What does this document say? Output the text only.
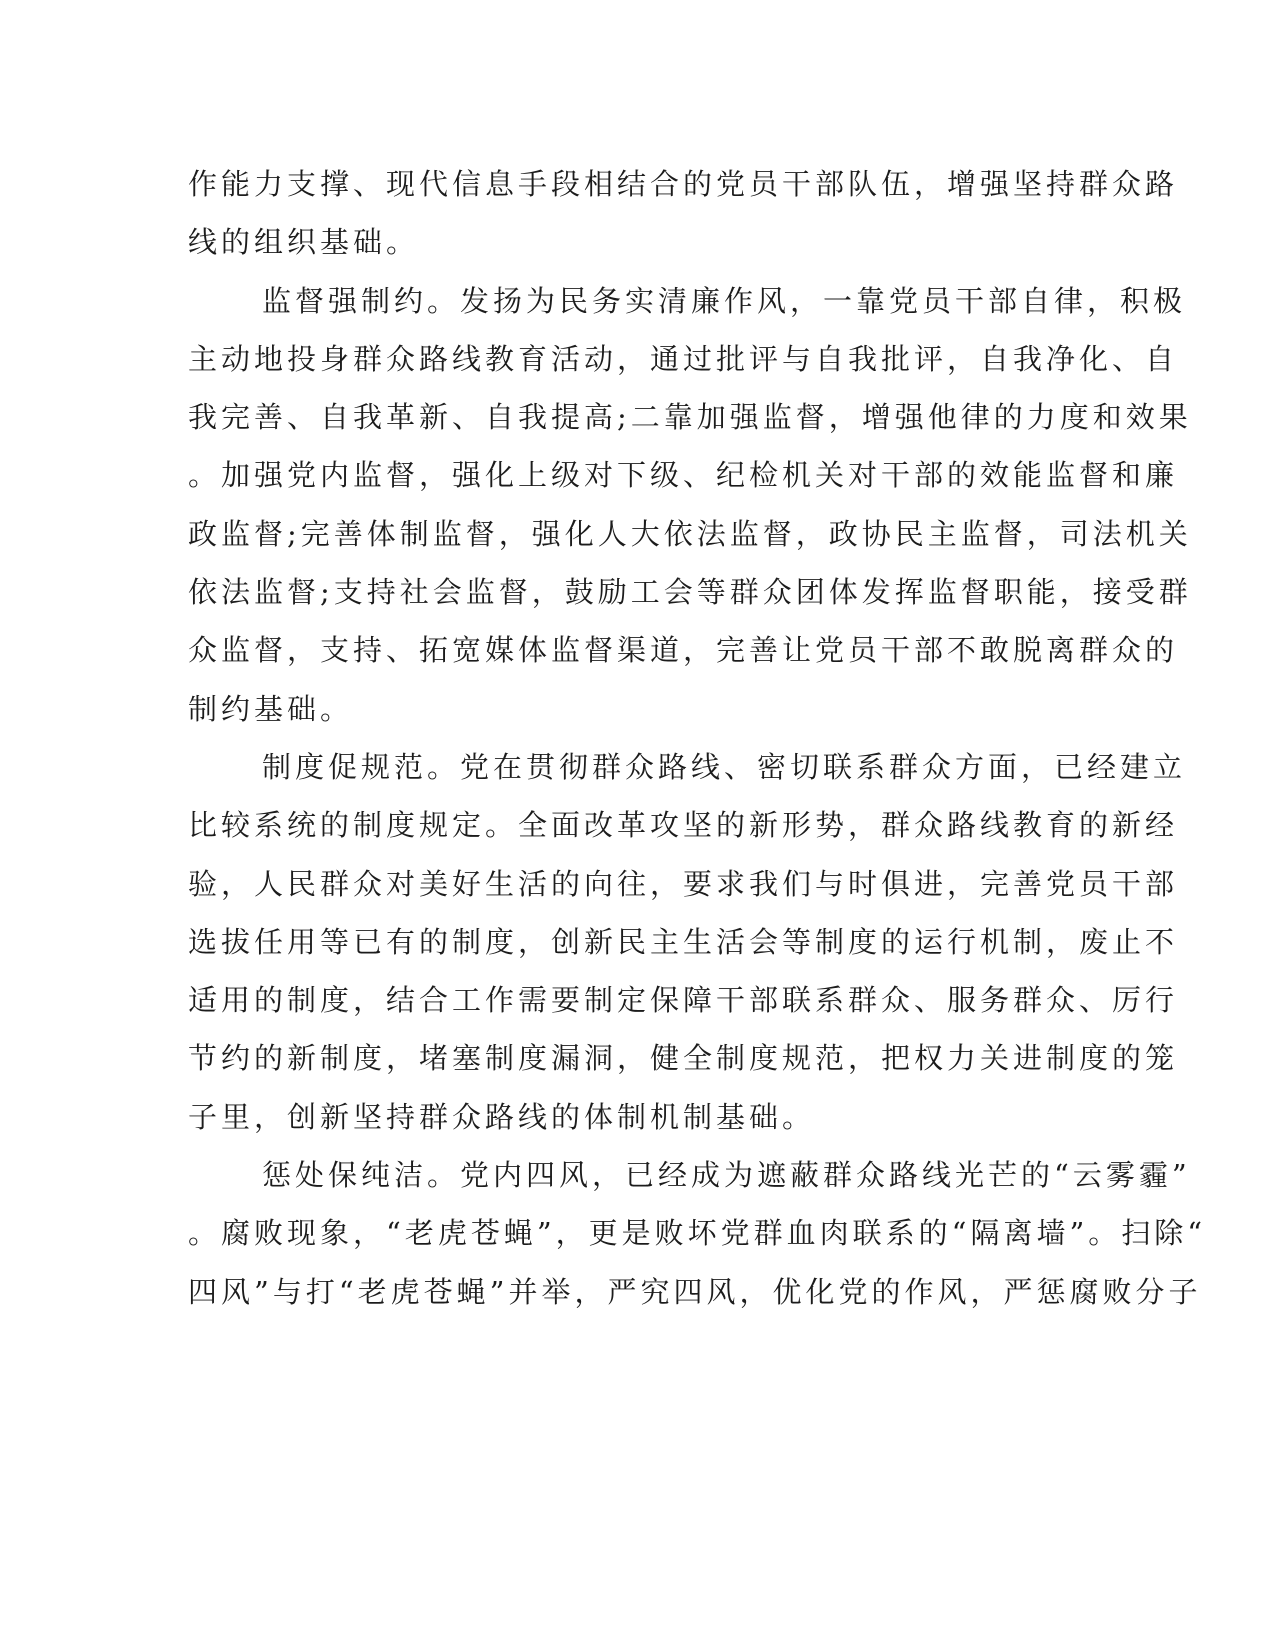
作能力支撑、现代信息手段相结合的党员干部队伍，增强坚持群众路
线的组织基础。
监督强制约。发扬为民务实清廉作风，一靠党员干部自律，积极
主动地投身群众路线教育活动，通过批评与自我批评，自我净化、自
我完善、自我革新、自我提高;二靠加强监督，增强他律的力度和效果
。加强党内监督，强化上级对下级、纪检机关对干部的效能监督和廉
政监督;完善体制监督，强化人大依法监督，政协民主监督，司法机关
依法监督;支持社会监督，鼓励工会等群众团体发挥监督职能，接受群
众监督，支持、拓宽媒体监督渠道，完善让党员干部不敢脱离群众的
制约基础。
制度促规范。党在贯彻群众路线、密切联系群众方面，已经建立
比较系统的制度规定。全面改革攻坚的新形势，群众路线教育的新经
验，人民群众对美好生活的向往，要求我们与时俱进，完善党员干部
选拔任用等已有的制度，创新民主生活会等制度的运行机制，废止不
适用的制度，结合工作需要制定保障干部联系群众、服务群众、厉行
节约的新制度，堵塞制度漏洞，健全制度规范，把权力关进制度的笼
子里，创新坚持群众路线的体制机制基础。
惩处保纯洁。党内四风，已经成为遮蔽群众路线光芒的“云雾霾”
。腐败现象，“老虎苍蝇”，更是败坏党群血肉联系的“隔离墙”。扫除“
四风”与打“老虎苍蝇”并举，严究四风，优化党的作风，严惩腐败分子
